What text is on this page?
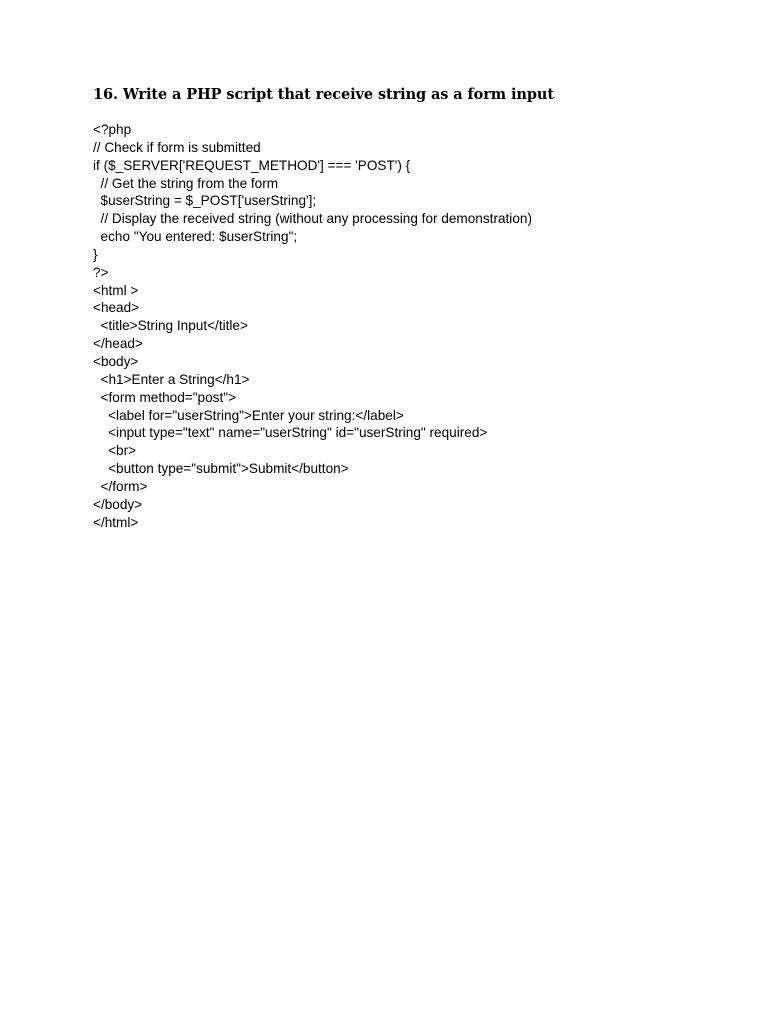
16. Write a PHP script that receive string as a form input
<?php
// Check if form is submitted
if ($_SERVER['REQUEST_METHOD'] === 'POST') {
// Get the string from the form
$userString = $_POST['userString'];
// Display the received string (without any processing for demonstration)
echo "You entered: $userString";
}
?>
<html >
<head>
<title>String Input</title>
</head>
<body>
<h1>Enter a String</h1>
<form method="post">
<label for="userString">Enter your string:</label>
<input type="text" name="userString" id="userString" required>
<br>
<button type="submit">Submit</button>
</form>
</body>
</html>
